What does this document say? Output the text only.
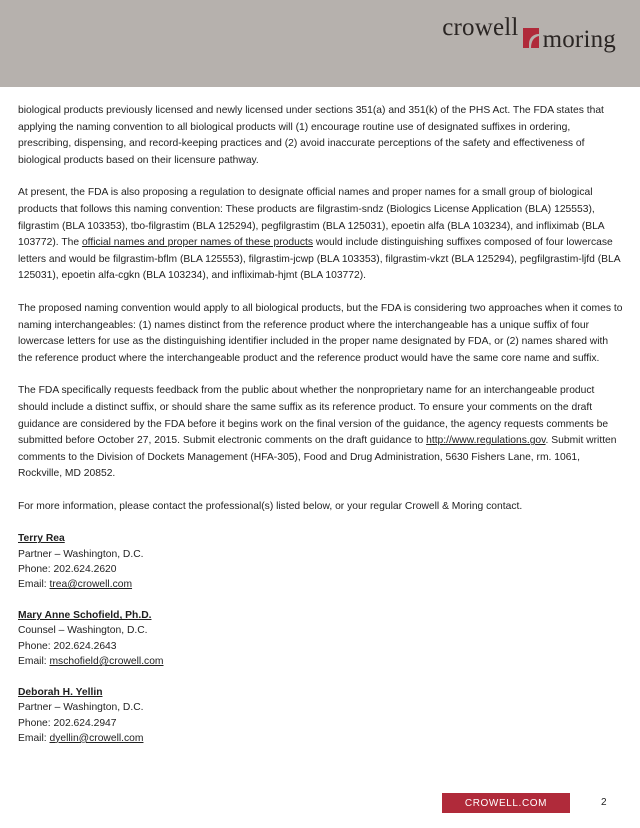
crowell moring

biological products previously licensed and newly licensed under sections 351(a) and 351(k) of the PHS Act. The FDA states that applying the naming convention to all biological products will (1) encourage routine use of designated suffixes in ordering, prescribing, dispensing, and record-keeping practices and (2) avoid inaccurate perceptions of the safety and effectiveness of biological products based on their licensure pathway.

At present, the FDA is also proposing a regulation to designate official names and proper names for a small group of biological products that follows this naming convention: These products are filgrastim-sndz (Biologics License Application (BLA) 125553), filgrastim (BLA 103353), tbo-filgrastim (BLA 125294), pegfilgrastim (BLA 125031), epoetin alfa (BLA 103234), and infliximab (BLA 103772). The official names and proper names of these products would include distinguishing suffixes composed of four lowercase letters and would be filgrastim-bflm (BLA 125553), filgrastim-jcwp (BLA 103353), filgrastim-vkzt (BLA 125294), pegfilgrastim-ljfd (BLA 125031), epoetin alfa-cgkn (BLA 103234), and infliximab-hjmt (BLA 103772).

The proposed naming convention would apply to all biological products, but the FDA is considering two approaches when it comes to naming interchangeables: (1) names distinct from the reference product where the interchangeable has a unique suffix of four lowercase letters for use as the distinguishing identifier included in the proper name designated by FDA, or (2) names shared with the reference product where the interchangeable product and the reference product would have the same core name and suffix.

The FDA specifically requests feedback from the public about whether the nonproprietary name for an interchangeable product should include a distinct suffix, or should share the same suffix as its reference product. To ensure your comments on the draft guidance are considered by the FDA before it begins work on the final version of the guidance, the agency requests comments be submitted before October 27, 2015. Submit electronic comments on the draft guidance to http://www.regulations.gov. Submit written comments to the Division of Dockets Management (HFA-305), Food and Drug Administration, 5630 Fishers Lane, rm. 1061, Rockville, MD 20852.

For more information, please contact the professional(s) listed below, or your regular Crowell & Moring contact.

Terry Rea
Partner – Washington, D.C.
Phone: 202.624.2620
Email: trea@crowell.com
Mary Anne Schofield, Ph.D.
Counsel – Washington, D.C.
Phone: 202.624.2643
Email: mschofield@crowell.com
Deborah H. Yellin
Partner – Washington, D.C.
Phone: 202.624.2947
Email: dyellin@crowell.com
CROWELL.COM	2
